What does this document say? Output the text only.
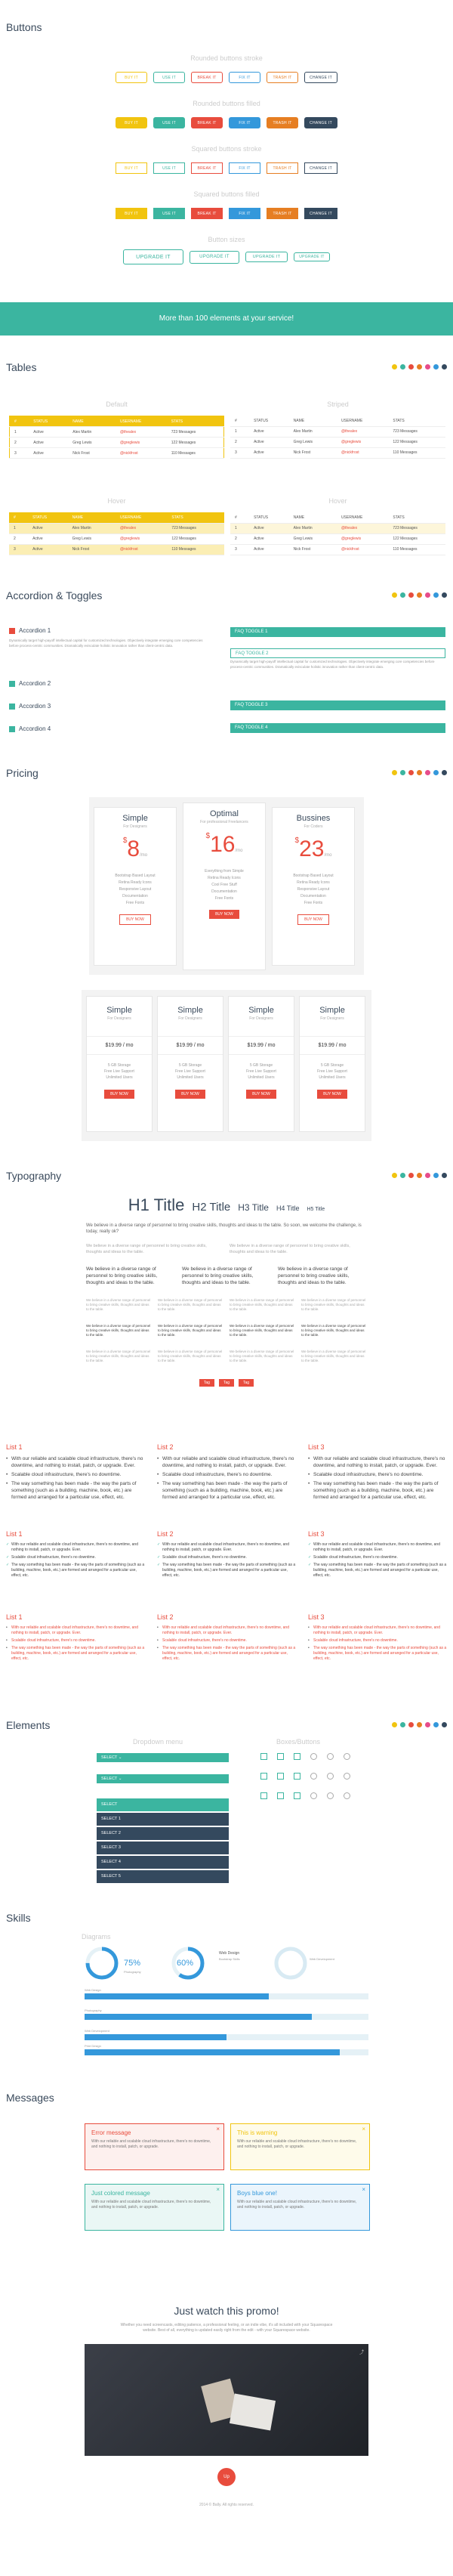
Buttons
More than 100 elements at your service!
Tables
Accordion & Toggles
Pricing
Typography
Elements
Skills
Messages
Rounded buttons stroke
Rounded buttons filled
Squared buttons stroke
Squared buttons filled
Button sizes
BUY IT	USE IT	BREAK IT	FIX IT	TRASH IT	CHANGE IT
BUY IT	USE IT	BREAK IT	FIX IT	TRASH IT	CHANGE IT
BUY IT	USE IT	BREAK IT	FIX IT	TRASH IT	CHANGE IT
BUY IT	USE IT	BREAK IT	FIX IT	TRASH IT	CHANGE IT
UPGRADE IT	UPGRADE IT	UPGRADE IT	UPGRADE IT
Default
#	STATUS	NAME	USERNAME	STATS
1	Active	Alex Martin	@thealex	723 Messages
2	Active	Greg Lewis	@greglewis	122 Messages
3	Active	Nick Frost	@nickfrost	110 Messages
Striped
#	STATUS	NAME	USERNAME	STATS
1	Active	Alex Martin	@thealex	723 Messages
2	Active	Greg Lewis	@greglewis	122 Messages
3	Active	Nick Frost	@nickfrost	110 Messages
Hover
#	STATUS	NAME	USERNAME	STATS
1	Active	Alex Martin	@thealex	723 Messages
2	Active	Greg Lewis	@greglewis	122 Messages
3	Active	Nick Frost	@nickfrost	110 Messages
Hover
#	STATUS	NAME	USERNAME	STATS
1	Active	Alex Martin	@thealex	723 Messages
2	Active	Greg Lewis	@greglewis	122 Messages
3	Active	Nick Frost	@nickfrost	110 Messages
Accordion 1
Accordion 2
Accordion 3
Accordion 4
Dynamically target high-payoff intellectual capital for customized technologies. Objectively integrate emerging core competencies before process-centric communities. Dramatically evisculate holistic innovation rather than client-centric data.
FAQ TOGGLE 1
FAQ TOGGLE 2
FAQ TOGGLE 3
FAQ TOGGLE 4
Dynamically target high-payoff intellectual capital for customized technologies. Objectively integrate emerging core competencies before process-centric communities. Dramatically evisculate holistic innovation rather than client-centric data.
Simple
For Designers
$8/mo
Bootstrap Based Layout
Retina Ready Icons
Responsive Layout
Documentation
Free Fonts
BUY NOW
Optimal
For professional Freelancers
$16/mo
Everything from Simple
Retina Ready Icons
Cool Free Stuff
Documentation
Free Fonts
BUY NOW
Bussines
For Coders
$23/mo
Bootstrap Based Layout
Retina Ready Icons
Responsive Layout
Documentation
Free Fonts
BUY NOW
Simple
For Designers
$19.99 / mo
5 GB Storage
Free Live Support
Unlimited Users
BUY NOW
Simple
For Designers
$19.99 / mo
5 GB Storage
Free Live Support
Unlimited Users
BUY NOW
Simple
For Designers
$19.99 / mo
5 GB Storage
Free Live Support
Unlimited Users
BUY NOW
Simple
For Designers
$19.99 / mo
5 GB Storage
Free Live Support
Unlimited Users
BUY NOW
H1 Title H2 Title H3 Title H4 Title H5 Title
We believe in a diverse range of personnel to bring creative skills, thoughts and ideas to the table. So soon, we welcome the challenge, is today, really ok?
We believe in a diverse range of personnel to bring creative skills, thoughts and ideas to the table.
We believe in a diverse range of personnel to bring creative skills, thoughts and ideas to the table.
We believe in a diverse range of personnel to bring creative skills, thoughts and ideas to the table.
We believe in a diverse range of personnel to bring creative skills, thoughts and ideas to the table.
We believe in a diverse range of personnel to bring creative skills, thoughts and ideas to the table.
We believe in a diverse range of personnel to bring creative skills, thoughts and ideas to the table.
We believe in a diverse range of personnel to bring creative skills, thoughts and ideas to the table.
We believe in a diverse range of personnel to bring creative skills, thoughts and ideas to the table.
We believe in a diverse range of personnel to bring creative skills, thoughts and ideas to the table.
We believe in a diverse range of personnel to bring creative skills, thoughts and ideas to the table.
We believe in a diverse range of personnel to bring creative skills, thoughts and ideas to the table.
We believe in a diverse range of personnel to bring creative skills, thoughts and ideas to the table.
We believe in a diverse range of personnel to bring creative skills, thoughts and ideas to the table.
We believe in a diverse range of personnel to bring creative skills, thoughts and ideas to the table.
We believe in a diverse range of personnel to bring creative skills, thoughts and ideas to the table.
We believe in a diverse range of personnel to bring creative skills, thoughts and ideas to the table.
We believe in a diverse range of personnel to bring creative skills, thoughts and ideas to the table.
Tag	Tag	Tag
List 1
• With our reliable and scalable cloud infrastructure, there's no downtime, and nothing to install, patch, or upgrade. Ever.
• Scalable cloud infrastructure, there's no downtime.
• The way something has been made - the way the parts of something (such as a building, machine, book, etc.) are formed and arranged for a particular use, effect, etc.
List 2
• With our reliable and scalable cloud infrastructure, there's no downtime, and nothing to install, patch, or upgrade. Ever.
• Scalable cloud infrastructure, there's no downtime.
• The way something has been made - the way the parts of something (such as a building, machine, book, etc.) are formed and arranged for a particular use, effect, etc.
List 3
• With our reliable and scalable cloud infrastructure, there's no downtime, and nothing to install, patch, or upgrade. Ever.
• Scalable cloud infrastructure, there's no downtime.
• The way something has been made - the way the parts of something (such as a building, machine, book, etc.) are formed and arranged for a particular use, effect, etc.
List 1
✓ With our reliable and scalable cloud infrastructure, there's no downtime, and nothing to install, patch, or upgrade. Ever.
✓ Scalable cloud infrastructure, there's no downtime.
✓ The way something has been made - the way the parts of something (such as a building, machine, book, etc.) are formed and arranged for a particular use, effect, etc.
List 2
✓ With our reliable and scalable cloud infrastructure, there's no downtime, and nothing to install, patch, or upgrade. Ever.
✓ Scalable cloud infrastructure, there's no downtime.
✓ The way something has been made - the way the parts of something (such as a building, machine, book, etc.) are formed and arranged for a particular use, effect, etc.
List 3
✓ With our reliable and scalable cloud infrastructure, there's no downtime, and nothing to install, patch, or upgrade. Ever.
✓ Scalable cloud infrastructure, there's no downtime.
✓ The way something has been made - the way the parts of something (such as a building, machine, book, etc.) are formed and arranged for a particular use, effect, etc.
List 1
• With our reliable and scalable cloud infrastructure, there's no downtime, and nothing to install, patch, or upgrade. Ever.
• Scalable cloud infrastructure, there's no downtime.
• The way something has been made - the way the parts of something (such as a building, machine, book, etc.) are formed and arranged for a particular use, effect, etc.
List 2
• With our reliable and scalable cloud infrastructure, there's no downtime, and nothing to install, patch, or upgrade. Ever.
• Scalable cloud infrastructure, there's no downtime.
• The way something has been made - the way the parts of something (such as a building, machine, book, etc.) are formed and arranged for a particular use, effect, etc.
List 3
• With our reliable and scalable cloud infrastructure, there's no downtime, and nothing to install, patch, or upgrade. Ever.
• Scalable cloud infrastructure, there's no downtime.
• The way something has been made - the way the parts of something (such as a building, machine, book, etc.) are formed and arranged for a particular use, effect, etc.
Dropdown menu	Boxes/Buttons
SELECT ⌄
SELECT ⌄
SELECT
SELECT 1
SELECT 2
SELECT 3
SELECT 4
SELECT 5
Diagrams
75%
Photography
60%
Web Design
Bootstrap Skills	Web Development
Web Design
Photography
Web Development
Print Design
Error message
With our reliable and scalable cloud infrastructure, there's no downtime, and nothing to install, patch, or upgrade.
×
This is warning
With our reliable and scalable cloud infrastructure, there's no downtime, and nothing to install, patch, or upgrade.
×
Just colored message
With our reliable and scalable cloud infrastructure, there's no downtime, and nothing to install, patch, or upgrade.
×
Boys blue one!
With our reliable and scalable cloud infrastructure, there's no downtime, and nothing to install, patch, or upgrade.
×
Just watch this promo!
Whether you need screencasts, editing patience, a professional feeling, or an indie vibe, it's all included with your Squarespace website. Best of all, everything is updated easily right from the edit - with your Squarespace website.
⤴
Up
2014 © Bally. All rights reserved.
